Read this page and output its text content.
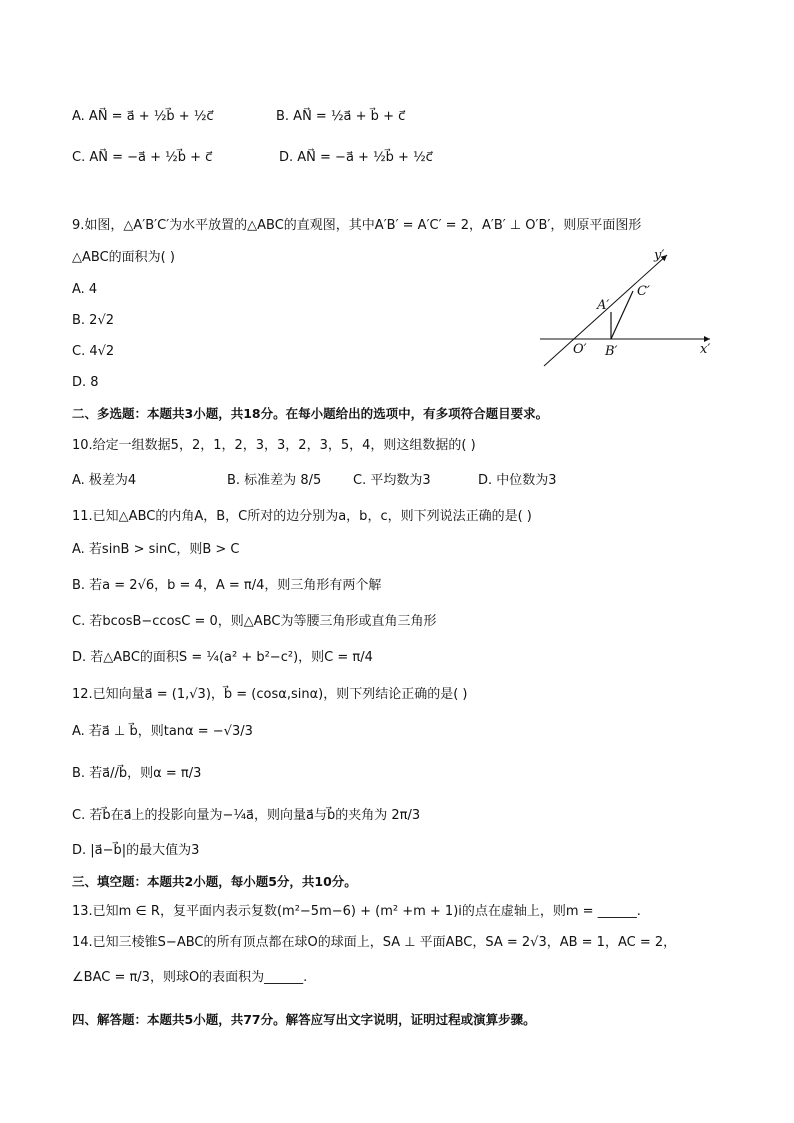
A. AN⃗ = a⃗ + ½b⃗ + ½c⃗	B. AN⃗ = ½a⃗ + b⃗ + c⃗
C. AN⃗ = −a⃗ + ½b⃗ + c⃗	D. AN⃗ = −a⃗ + ½b⃗ + ½c⃗
9.如图，△A′B′C′为水平放置的△ABC的直观图，其中A′B′ = A′C′ = 2，A′B′ ⊥ O′B′，则原平面图形
△ABC的面积为( )
A. 4
B. 2√2
C. 4√2
D. 8
y′
x′
A′
C′
O′ B′
二、多选题：本题共3小题，共18分。在每小题给出的选项中，有多项符合题目要求。
10.给定一组数据5，2，1，2，3，3，2，3，5，4，则这组数据的( )
A. 极差为4	B. 标准差为 8/5 C. 平均数为3	D. 中位数为3
11.已知△ABC的内角A，B，C所对的边分别为a，b，c，则下列说法正确的是( )
A. 若sinB > sinC，则B > C
B. 若a = 2√6，b = 4，A = π/4，则三角形有两个解
C. 若bcosB−ccosC = 0，则△ABC为等腰三角形或直角三角形
D. 若△ABC的面积S = ¼(a² + b²−c²)，则C = π/4
12.已知向量a⃗ = (1,√3)，b⃗ = (cosα,sinα)，则下列结论正确的是( )
A. 若a⃗ ⊥ b⃗，则tanα = −√3/3
B. 若a⃗//b⃗，则α = π/3
C. 若b⃗在a⃗上的投影向量为−¼a⃗，则向量a⃗与b⃗的夹角为 2π/3
D. |a⃗−b⃗|的最大值为3
三、填空题：本题共2小题，每小题5分，共10分。
13.已知m ∈ R，复平面内表示复数(m²−5m−6) + (m² +m + 1)i的点在虚轴上，则m = ______.
14.已知三棱锥S−ABC的所有顶点都在球O的球面上，SA ⊥ 平面ABC，SA = 2√3，AB = 1，AC = 2，
∠BAC = π/3，则球O的表面积为______.
四、解答题：本题共5小题，共77分。解答应写出文字说明，证明过程或演算步骤。
